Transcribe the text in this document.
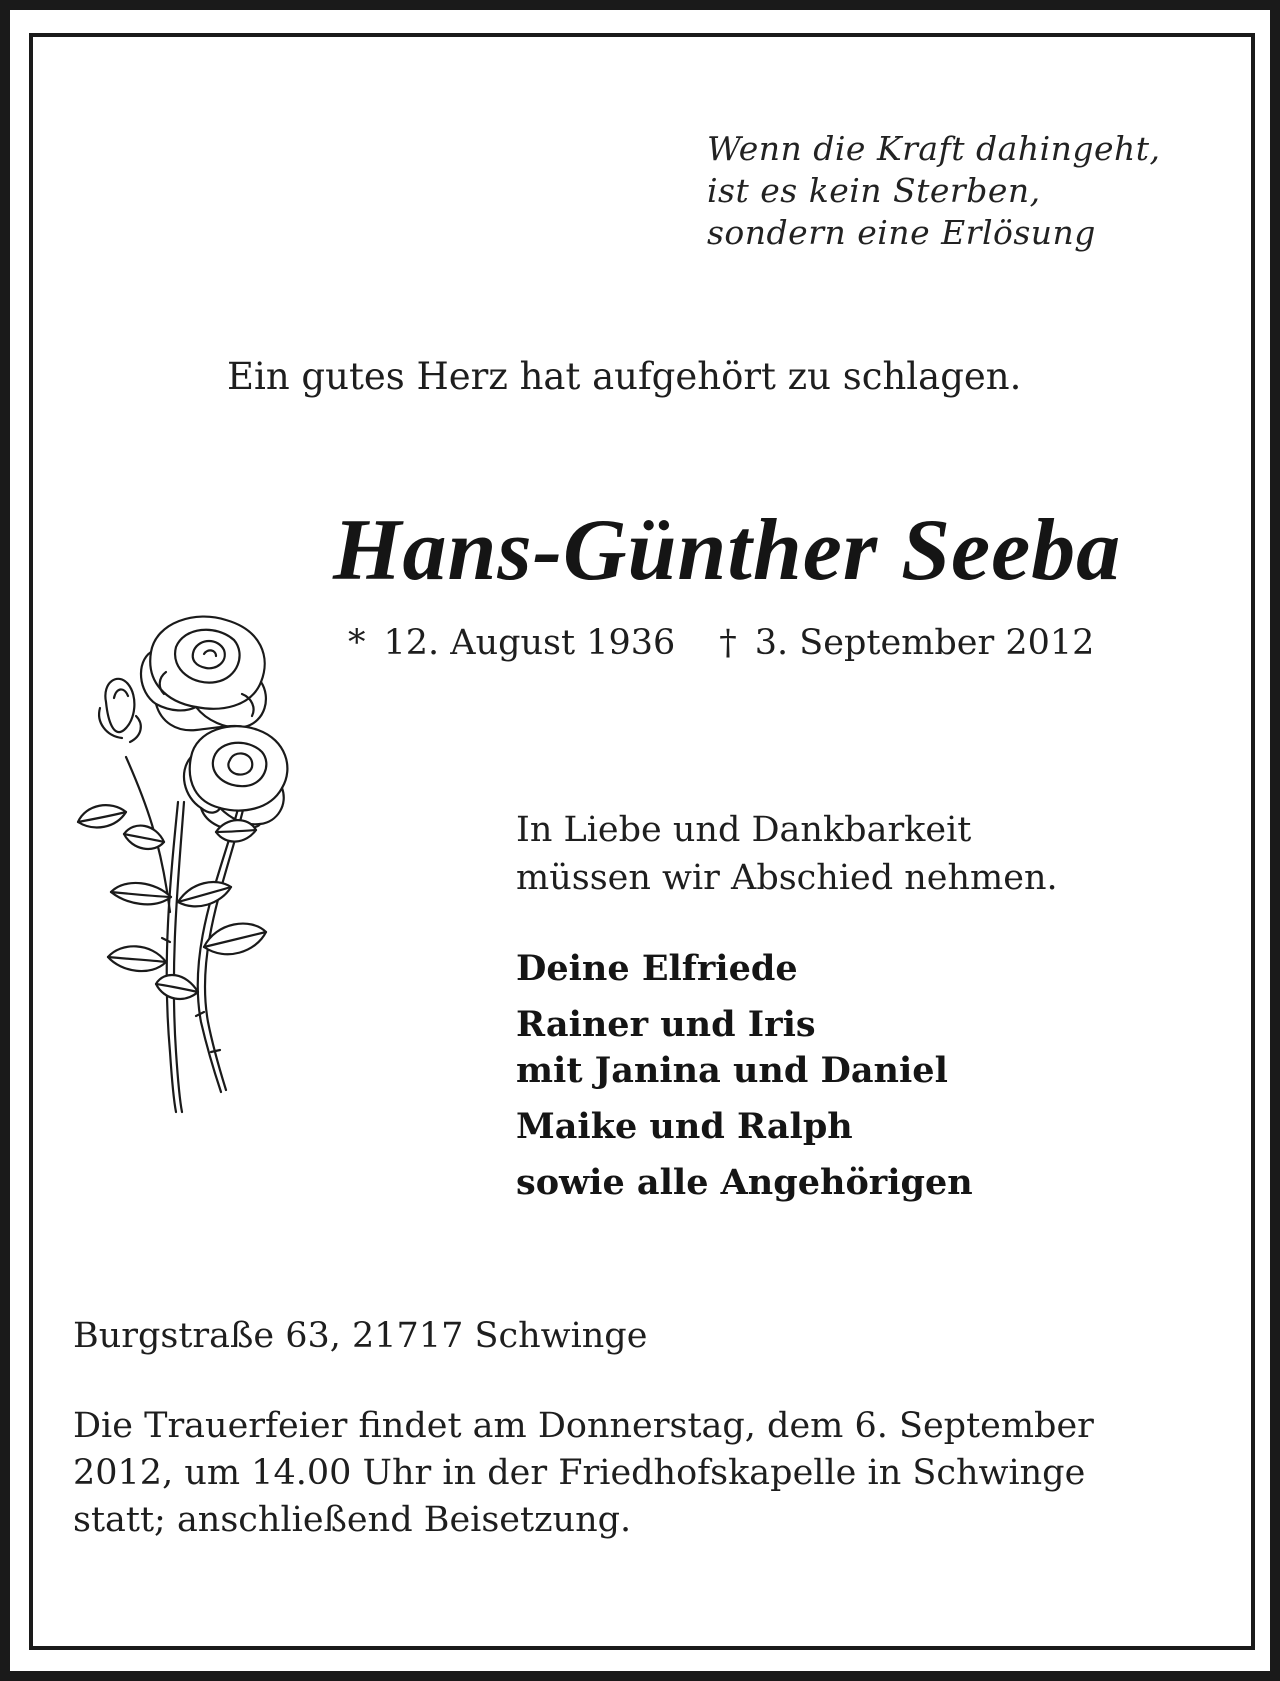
Wenn die Kraft dahingeht,
ist es kein Sterben,
sondern eine Erlösung
Ein gutes Herz hat aufgehört zu schlagen.
Hans-Günther Seeba
* 12. August 1936 † 3. September 2012
In Liebe und Dankbarkeit
müssen wir Abschied nehmen.
Deine Elfriede
Rainer und Iris
mit Janina und Daniel
Maike und Ralph
sowie alle Angehörigen
Burgstraße 63, 21717 Schwinge
Die Trauerfeier findet am Donnerstag, dem 6. September
2012, um 14.00 Uhr in der Friedhofskapelle in Schwinge
statt; anschließend Beisetzung.
